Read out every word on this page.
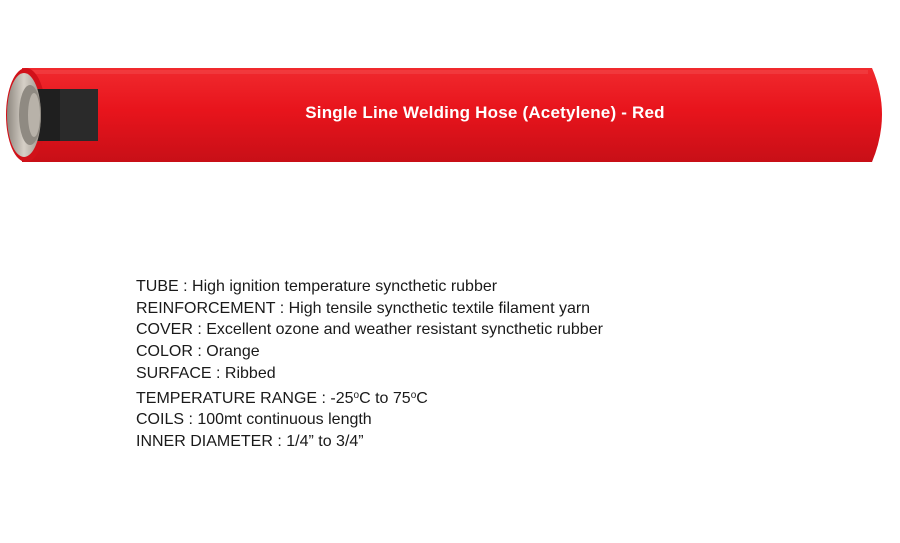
Single Line Welding Hose (Acetylene) - Red
TUBE : High ignition temperature syncthetic rubber
REINFORCEMENT : High tensile syncthetic textile filament yarn
COVER : Excellent ozone and weather resistant syncthetic rubber
COLOR : Orange
SURFACE : Ribbed
TEMPERATURE RANGE : -25$^o$C to 75$^o$C
COILS : 100mt continuous length
INNER DIAMETER : 1/4” to 3/4”
